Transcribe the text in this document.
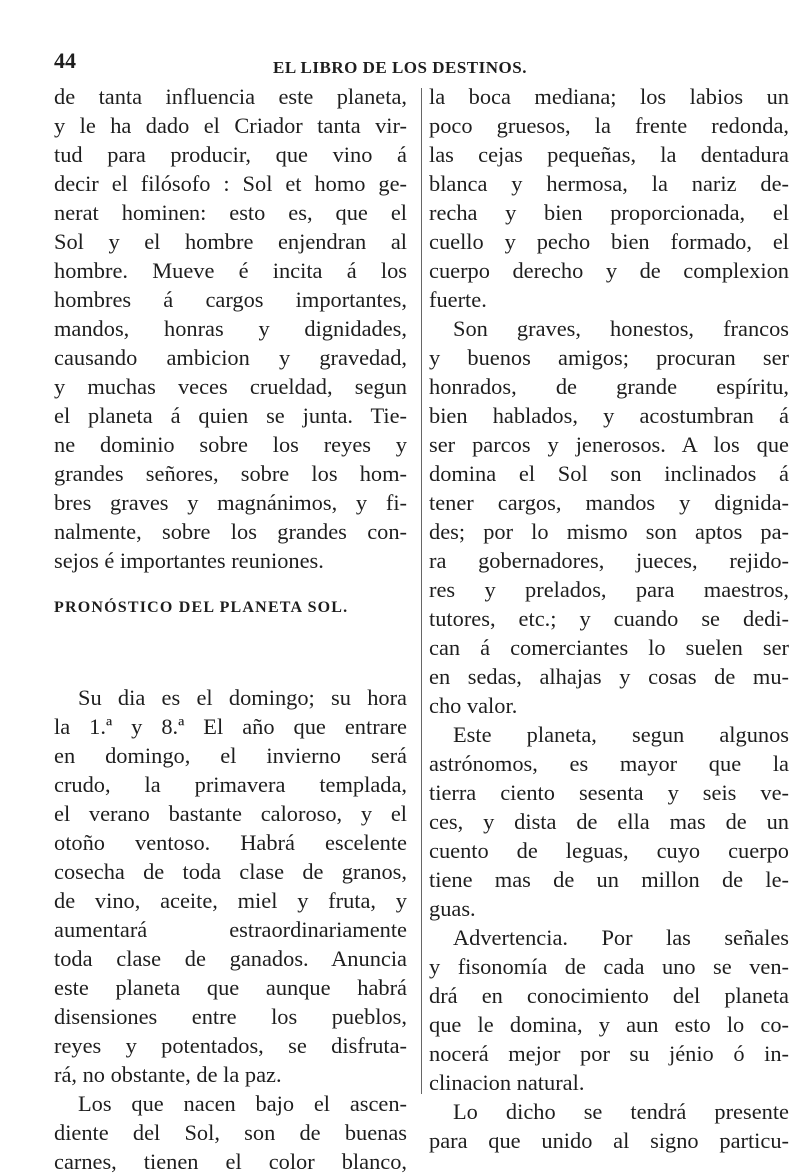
44	EL LIBRO DE LOS DESTINOS.
de tanta influencia este planeta,
y le ha dado el Criador tanta vir-
tud para producir, que vino á
decir el filósofo : Sol et homo ge-
nerat hominen: esto es, que el
Sol y el hombre enjendran al
hombre. Mueve é incita á los
hombres á cargos importantes,
mandos, honras y dignidades,
causando ambicion y gravedad,
y muchas veces crueldad, segun
el planeta á quien se junta. Tie-
ne dominio sobre los reyes y
grandes señores, sobre los hom-
bres graves y magnánimos, y fi-
nalmente, sobre los grandes con-
sejos é importantes reuniones.
PRONÓSTICO DEL PLANETA SOL.
Su dia es el domingo; su hora
la 1.ª y 8.ª El año que entrare
en domingo, el invierno será
crudo, la primavera templada,
el verano bastante caloroso, y el
otoño ventoso. Habrá escelente
cosecha de toda clase de granos,
de vino, aceite, miel y fruta, y
aumentará estraordinariamente
toda clase de ganados. Anuncia
este planeta que aunque habrá
disensiones entre los pueblos,
reyes y potentados, se disfruta-
rá, no obstante, de la paz.
Los que nacen bajo el ascen-
diente del Sol, son de buenas
carnes, tienen el color blanco,
la boca mediana; los labios un
poco gruesos, la frente redonda,
las cejas pequeñas, la dentadura
blanca y hermosa, la nariz de-
recha y bien proporcionada, el
cuello y pecho bien formado, el
cuerpo derecho y de complexion
fuerte.
Son graves, honestos, francos
y buenos amigos; procuran ser
honrados, de grande espíritu,
bien hablados, y acostumbran á
ser parcos y jenerosos. A los que
domina el Sol son inclinados á
tener cargos, mandos y dignida-
des; por lo mismo son aptos pa-
ra gobernadores, jueces, rejido-
res y prelados, para maestros,
tutores, etc.; y cuando se dedi-
can á comerciantes lo suelen ser
en sedas, alhajas y cosas de mu-
cho valor.
Este planeta, segun algunos
astrónomos, es mayor que la
tierra ciento sesenta y seis ve-
ces, y dista de ella mas de un
cuento de leguas, cuyo cuerpo
tiene mas de un millon de le-
guas.
Advertencia. Por las señales
y fisonomía de cada uno se ven-
drá en conocimiento del planeta
que le domina, y aun esto lo co-
nocerá mejor por su jénio ó in-
clinacion natural.
Lo dicho se tendrá presente
para que unido al signo particu-
